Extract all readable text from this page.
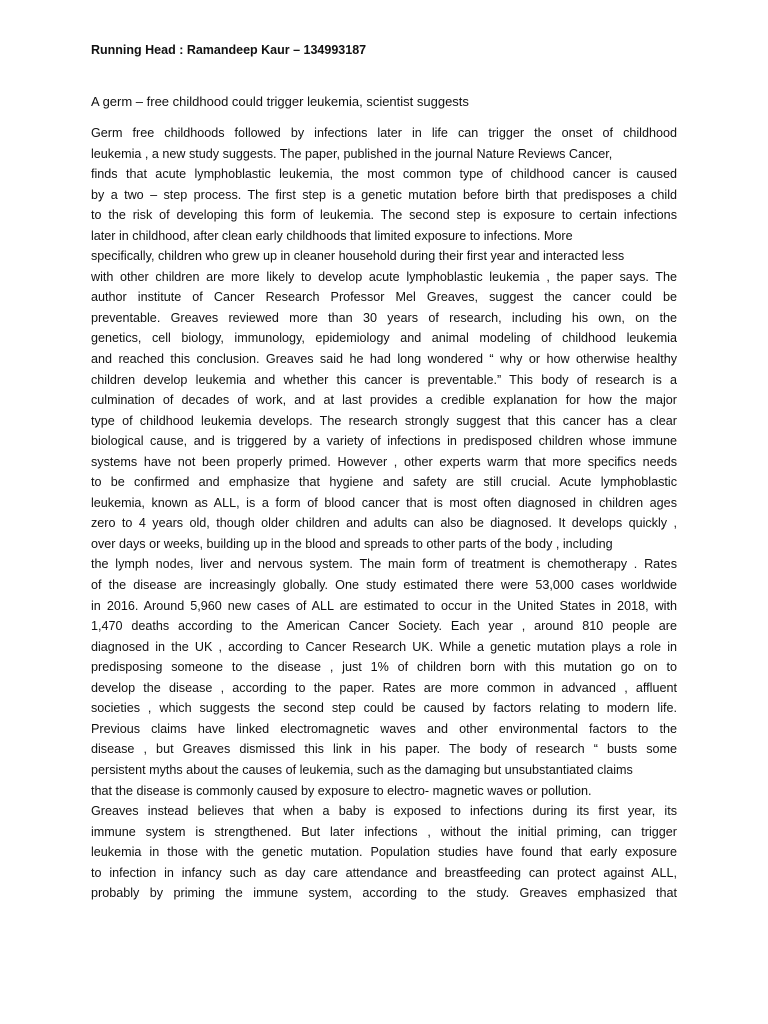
Running Head : Ramandeep Kaur – 134993187
A germ – free childhood could trigger leukemia, scientist suggests
Germ free childhoods followed by infections later in life can trigger the onset of childhood
leukemia , a new study suggests. The paper, published in the journal Nature Reviews Cancer,
finds that acute lymphoblastic leukemia, the most common type of childhood cancer is caused
by a two – step process. The first step is a genetic mutation before birth that predisposes a child
to the risk of developing this form of leukemia. The second step is exposure to certain infections
later in childhood, after clean early childhoods that limited exposure to infections. More
specifically, children who grew up in cleaner household during their first year and interacted less
with other children are more likely to develop acute lymphoblastic leukemia , the paper says. The
author institute of Cancer Research Professor Mel Greaves, suggest the cancer could be
preventable. Greaves reviewed more than 30 years of research, including his own, on the
genetics, cell biology, immunology, epidemiology and animal modeling of childhood leukemia
and reached this conclusion. Greaves said he had long wondered “ why or how otherwise healthy
children develop leukemia and whether this cancer is preventable.” This body of research is a
culmination of decades of work, and at last provides a credible explanation for how the major
type of childhood leukemia develops. The research strongly suggest that this cancer has a clear
biological cause, and is triggered by a variety of infections in predisposed children whose immune
systems have not been properly primed. However , other experts warm that more specifics needs
to be confirmed and emphasize that hygiene and safety are still crucial. Acute lymphoblastic
leukemia, known as ALL, is a form of blood cancer that is most often diagnosed in children ages
zero to 4 years old, though older children and adults can also be diagnosed. It develops quickly ,
over days or weeks, building up in the blood and spreads to other parts of the body , including
the lymph nodes, liver and nervous system. The main form of treatment is chemotherapy . Rates
of the disease are increasingly globally. One study estimated there were 53,000 cases worldwide
in 2016. Around 5,960 new cases of ALL are estimated to occur in the United States in 2018, with
1,470 deaths according to the American Cancer Society. Each year , around 810 people are
diagnosed in the UK , according to Cancer Research UK. While a genetic mutation plays a role in
predisposing someone to the disease , just 1% of children born with this mutation go on to
develop the disease , according to the paper. Rates are more common in advanced , affluent
societies , which suggests the second step could be caused by factors relating to modern life.
Previous claims have linked electromagnetic waves and other environmental factors to the
disease , but Greaves dismissed this link in his paper. The body of research “ busts some
persistent myths about the causes of leukemia, such as the damaging but unsubstantiated claims
that the disease is commonly caused by exposure to electro- magnetic waves or pollution.
Greaves instead believes that when a baby is exposed to infections during its first year, its
immune system is strengthened. But later infections , without the initial priming, can trigger
leukemia in those with the genetic mutation. Population studies have found that early exposure
to infection in infancy such as day care attendance and breastfeeding can protect against ALL,
probably by priming the immune system, according to the study. Greaves emphasized that
